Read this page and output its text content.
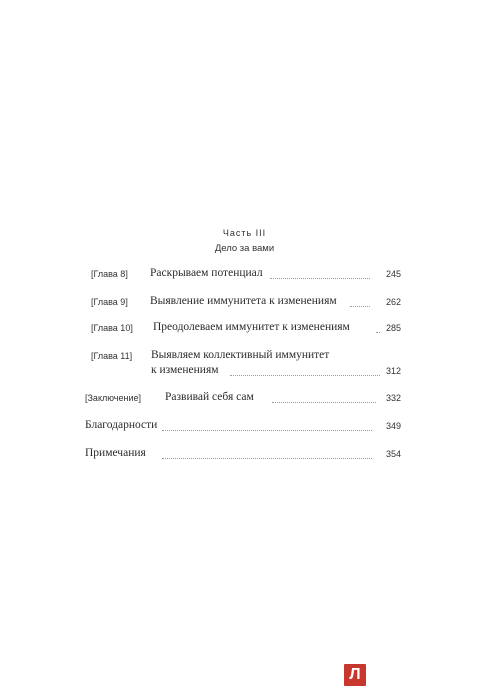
Часть III
Дело за вами
[Глава 8] Раскрываем потенциал	245
[Глава 9] Выявление иммунитета к изменениям	262
[Глава 10] Преодолеваем иммунитет к изменениям	285
[Глава 11] Выявляем коллективный иммунитет
к изменениям	312
[Заключение] Развивай себя сам	332
Благодарности	349
Примечания	354
Л
